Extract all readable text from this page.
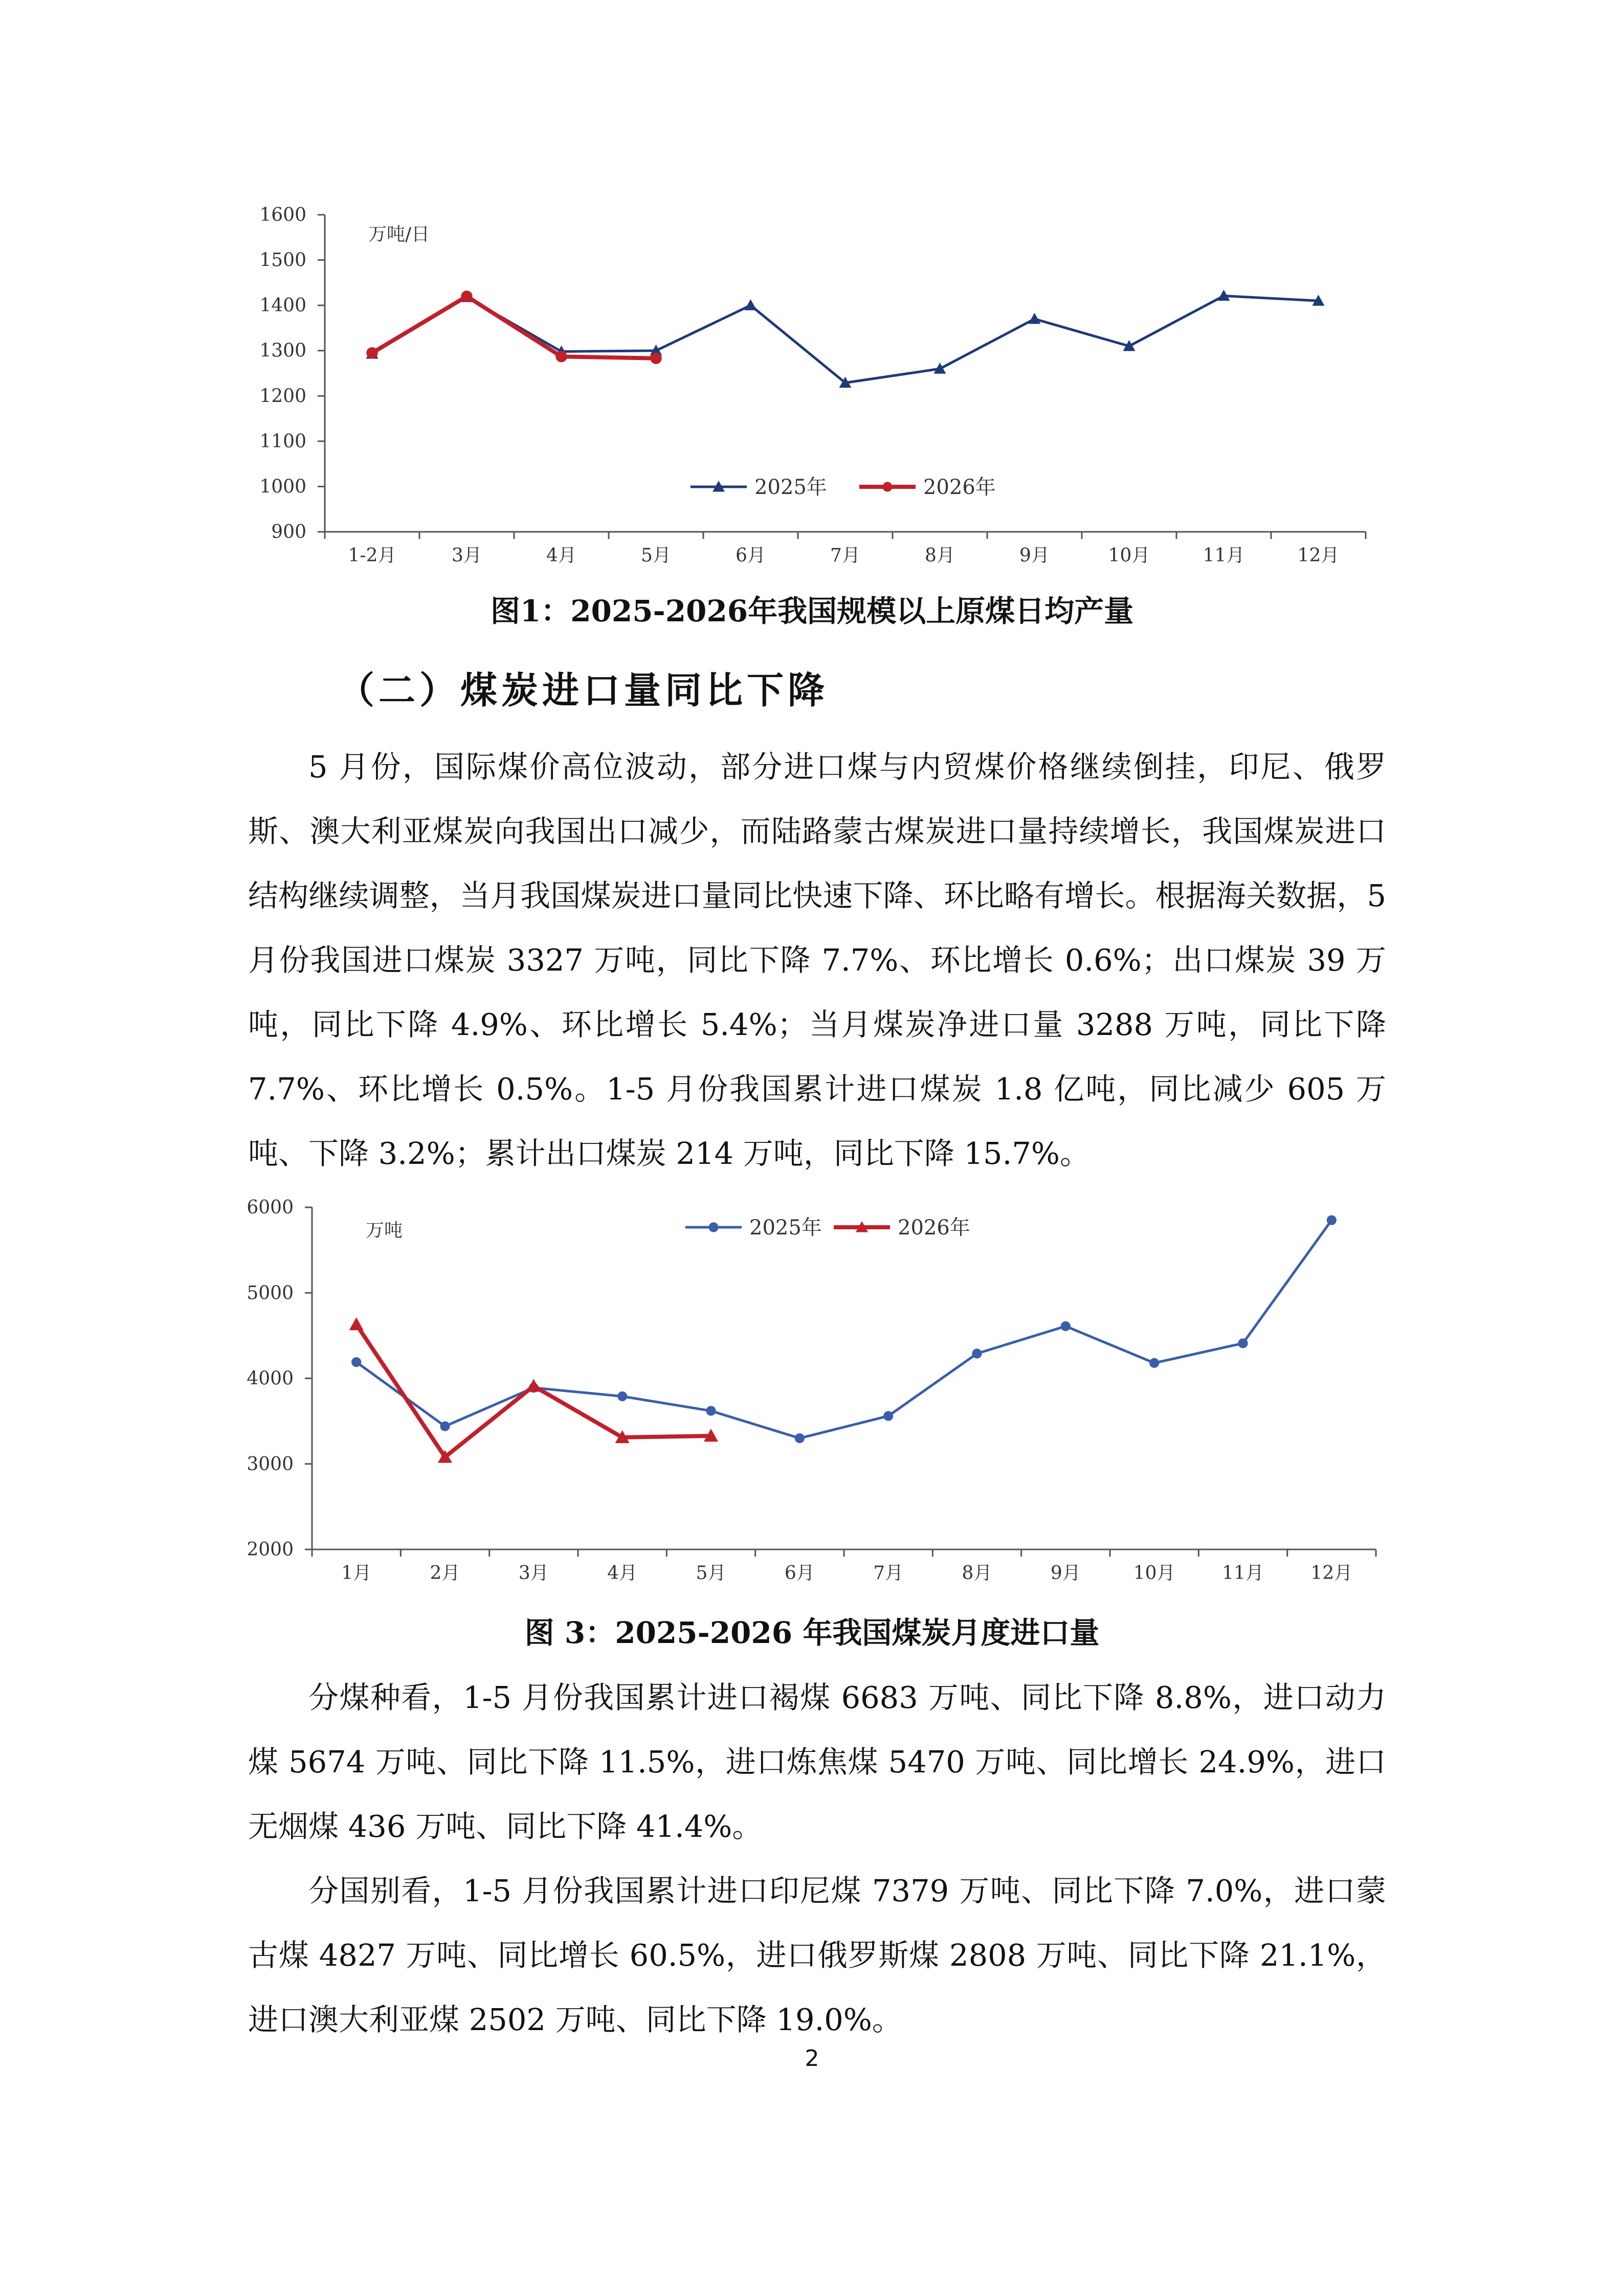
1600
1500
1400
1300
1200
1100
1000
900
1-2月	3月	4月	5月	6月	7月	8月	9月	10月	11月	12月
万吨/日
2025年	2026年
图1：2025-2026年我国规模以上原煤日均产量
（二）煤炭进口量同比下降

5 月份，国际煤价高位波动，部分进口煤与内贸煤价格继续倒挂，印尼、俄罗斯、澳大利亚煤炭向我国出口减少，而陆路蒙古煤炭进口量持续增长，我国煤炭进口结构继续调整，当月我国煤炭进口量同比快速下降、环比略有增长。根据海关数据，5 月份我国进口煤炭 3327 万吨，同比下降 7.7%、环比增长 0.6%；出口煤炭 39 万吨，同比下降 4.9%、环比增长 5.4%；当月煤炭净进口量 3288 万吨，同比下降 7.7%、环比增长 0.5%。1-5 月份我国累计进口煤炭 1.8 亿吨，同比减少 605 万吨、下降 3.2%；累计出口煤炭 214 万吨，同比下降 15.7%。

6000
5000
4000
3000
2000
1月	2月	3月	4月	5月	6月	7月	8月	9月	10月	11月	12月
万吨	2025年	2026年
图 3：2025-2026 年我国煤炭月度进口量

分煤种看，1-5 月份我国累计进口褐煤 6683 万吨、同比下降 8.8%，进口动力煤 5674 万吨、同比下降 11.5%，进口炼焦煤 5470 万吨、同比增长 24.9%，进口无烟煤 436 万吨、同比下降 41.4%。

分国别看，1-5 月份我国累计进口印尼煤 7379 万吨、同比下降 7.0%，进口蒙古煤 4827 万吨、同比增长 60.5%，进口俄罗斯煤 2808 万吨、同比下降 21.1%，进口澳大利亚煤 2502 万吨、同比下降 19.0%。

2
